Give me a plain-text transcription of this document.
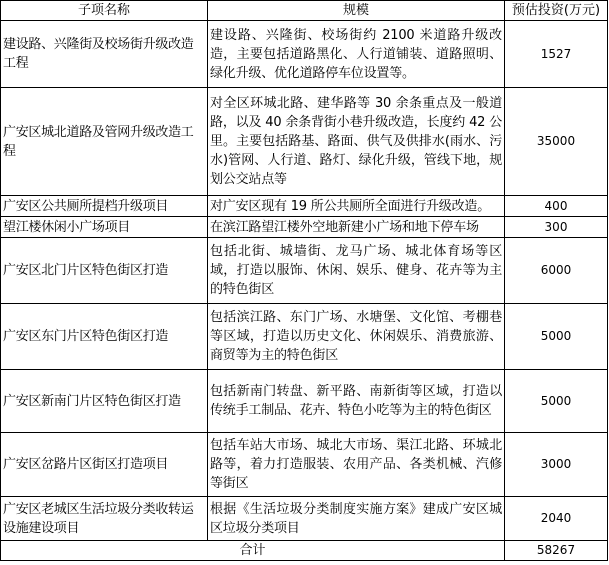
子项名称	规模	预估投资(万元)
建设路、兴隆街及校场街升级改造工程	建设路、兴隆街、校场街约 2100 米道路升级改造，主要包括道路黑化、人行道铺装、道路照明、绿化升级、优化道路停车位设置等。	1527
广安区城北道路及管网升级改造工程	对全区环城北路、建华路等 30 余条重点及一般道路，以及 40 余条背街小巷升级改造，长度约 42 公里。主要包括路基、路面、供气及供排水(雨水、污水)管网、人行道、路灯、绿化升级，管线下地，规划公交站点等	35000
广安区公共厕所提档升级项目	对广安区现有 19 所公共厕所全面进行升级改造。	400
望江楼休闲小广场项目	在滨江路望江楼外空地新建小广场和地下停车场	300
广安区北门片区特色街区打造	包括北街、城墙街、龙马广场、城北体育场等区域，打造以服饰、休闲、娱乐、健身、花卉等为主的特色街区	6000
广安区东门片区特色街区打造	包括滨江路、东门广场、水塘堡、文化馆、考棚巷等区域，打造以历史文化、休闲娱乐、消费旅游、商贸等为主的特色街区	5000
广安区新南门片区特色街区打造	包括新南门转盘、新平路、南新街等区域，打造以传统手工制品、花卉、特色小吃等为主的特色街区	5000
广安区岔路片区街区打造项目	包括车站大市场、城北大市场、渠江北路、环城北路等，着力打造服装、农用产品、各类机械、汽修等街区	3000
广安区老城区生活垃圾分类收转运设施建设项目	根据《生活垃圾分类制度实施方案》建成广安区城区垃圾分类项目	2040
合计		58267
